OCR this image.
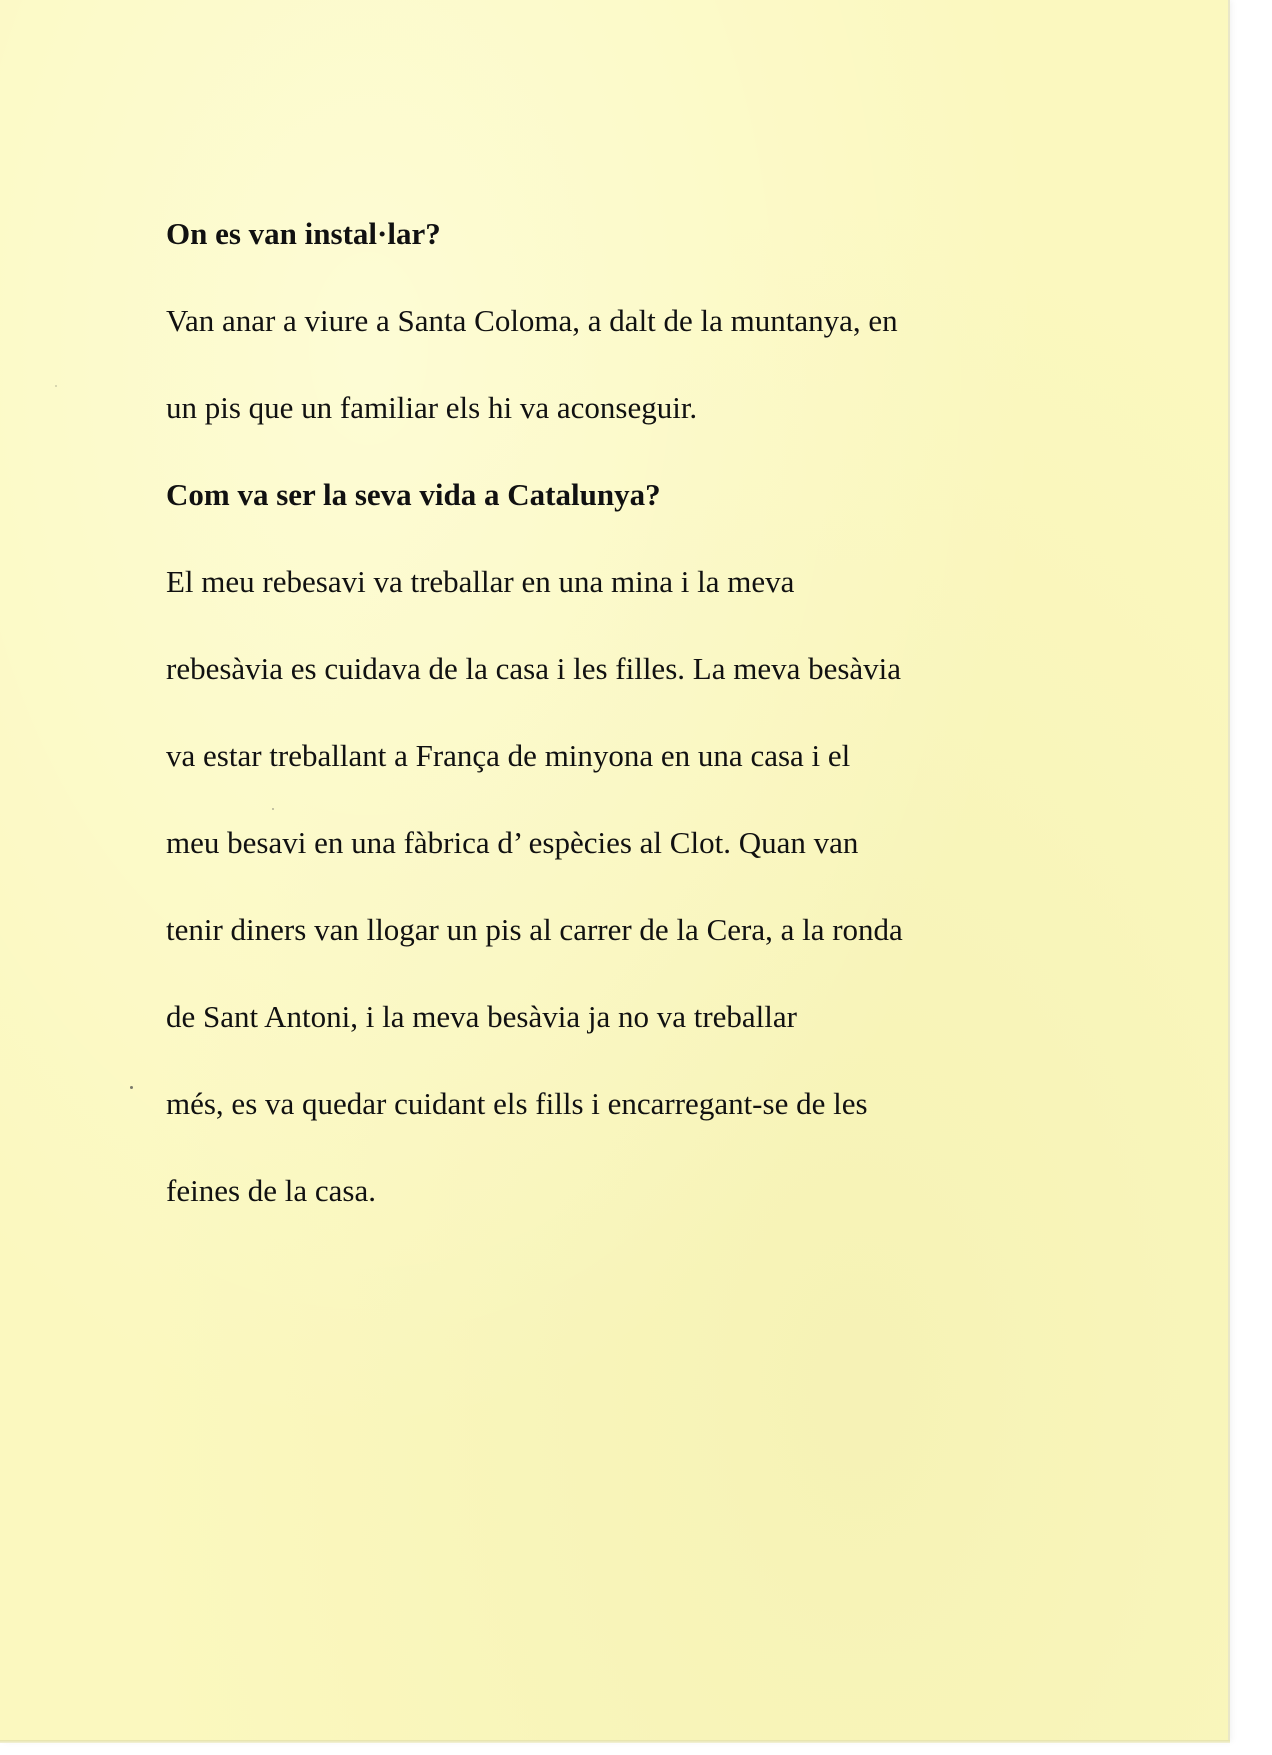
On es van instal·lar?
Van anar a viure a Santa Coloma, a dalt de la muntanya, en
un pis que un familiar els hi va aconseguir.
Com va ser la seva vida a Catalunya?
El meu rebesavi va treballar en una mina i la meva
rebesàvia es cuidava de la casa i les filles. La meva besàvia
va estar treballant a França de minyona en una casa i el
meu besavi en una fàbrica d’ espècies al Clot. Quan van
tenir diners van llogar un pis al carrer de la Cera, a la ronda
de Sant Antoni, i la meva besàvia ja no va treballar
més, es va quedar cuidant els fills i encarregant-se de les
feines de la casa.
